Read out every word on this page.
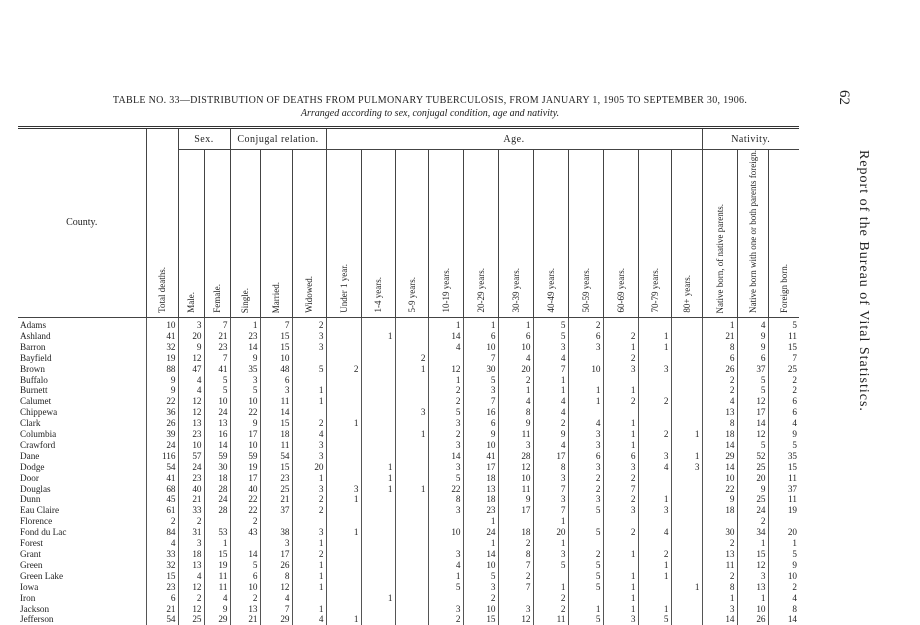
TABLE NO. 33—DISTRIBUTION OF DEATHS FROM PULMONARY TUBERCULOSIS, FROM JANUARY 1, 1905 TO SEPTEMBER 30, 1906.
Arranged according to sex, conjugal condition, age and nativity.
62
Report of the Bureau of Vital Statistics.
County.	Total deaths.	Sex.		Conjugal relation.			Age.											Nativity.		

		Male.	Female.	Single.	Married.	Widowed.	Under 1 year.	1-4 years.	5-9 years.	10-19 years.	20-29 years.	30-39 years.	40-49 years.	50-59 years.	60-69 years.	70-79 years.	80+ years.	Native born, of native parents.	Native born with one or both parents foreign.	Foreign born.

Adams	10	3	7	1	7	2				1	1	1	5	2				1	4	5
Ashland	41	20	21	23	15	3		1		14	6	6	5	6	2	1		21	9	11
Barron	32	9	23	14	15	3				4	10	10	3	3	1	1		8	9	15
Bayfield	19	12	7	9	10				2		7	4	4		2			6	6	7
Brown	88	47	41	35	48	5	2		1	12	30	20	7	10	3	3		26	37	25
Buffalo	9	4	5	3	6					1	5	2	1					2	5	2
Burnett	9	4	5	5	3	1				2	3	1	1	1	1			2	5	2
Calumet	22	12	10	10	11	1				2	7	4	4	1	2	2		4	12	6
Chippewa	36	12	24	22	14				3	5	16	8	4					13	17	6
Clark	26	13	13	9	15	2	1			3	6	9	2	4	1			8	14	4
Columbia	39	23	16	17	18	4			1	2	9	11	9	3	1	2	1	18	12	9
Crawford	24	10	14	10	11	3				3	10	3	4	3	1			14	5	5
Dane	116	57	59	59	54	3				14	41	28	17	6	6	3	1	29	52	35
Dodge	54	24	30	19	15	20		1		3	17	12	8	3	3	4	3	14	25	15
Door	41	23	18	17	23	1		1		5	18	10	3	2	2			10	20	11
Douglas	68	40	28	40	25	3	3	1	1	22	13	11	7	2	7			22	9	37
Dunn	45	21	24	22	21	2	1			8	18	9	3	3	2	1		9	25	11
Eau Claire	61	33	28	22	37	2				3	23	17	7	5	3	3		18	24	19
Florence	2	2		2							1		1						2	
Fond du Lac	84	31	53	43	38	3	1			10	24	18	20	5	2	4		30	34	20
Forest	4	3	1		3	1					1	2	1					2	1	1
Grant	33	18	15	14	17	2				3	14	8	3	2	1	2		13	15	5
Green	32	13	19	5	26	1				4	10	7	5	5		1		11	12	9
Green Lake	15	4	11	6	8	1				1	5	2		5	1	1		2	3	10
Iowa	23	12	11	10	12	1				5	3	7	1	5	1		1	8	13	2
Iron	6	2	4	2	4			1			2		2		1			1	1	4
Jackson	21	12	9	13	7	1				3	10	3	2	1	1	1		3	10	8
Jefferson	54	25	29	21	29	4	1			2	15	12	11	5	3	5		14	26	14
